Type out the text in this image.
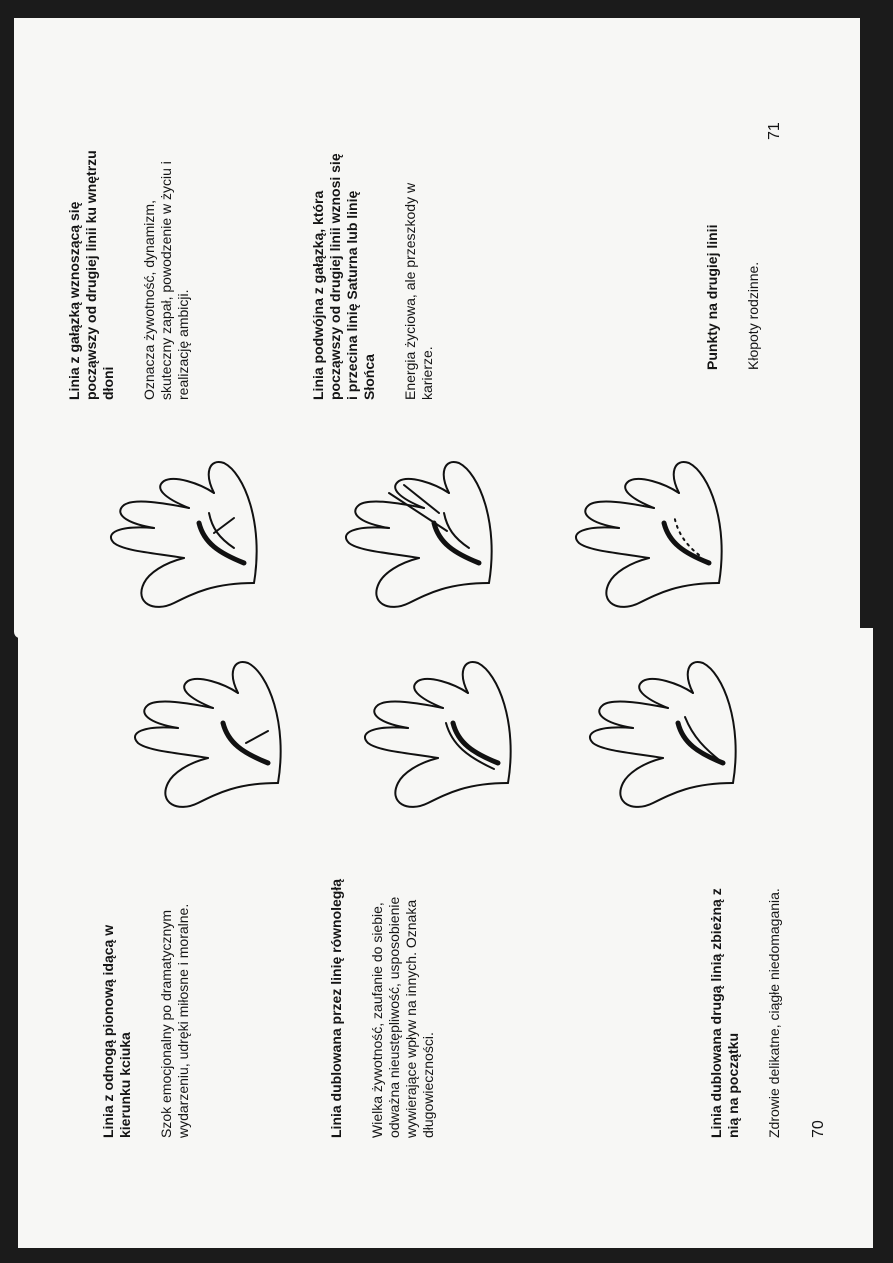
Linia z gałązką wznoszącą się począwszy od drugiej linii ku wnętrzu dłoni Oznacza żywotność, dynamizm, skuteczny zapał, powodzenie w życiu i realizację ambicji.	Linia podwójna z gałązką, która począwszy od drugiej linii wznosi się i przecina linię Saturna lub linię Słońca Energia życiowa, ale przeszkody w karierze.

Punkty na drugiej linii Kłopoty rodzinne.

71

Linia z odnogą pionową idącą w kierunku kciuka Szok emocjonalny po dramatycznym wydarzeniu, udręki miłosne i moralne.	Linia dublowana przez linię równoległą Wielka żywotność, zaufanie do siebie, odważna nieustępliwość, usposobienie wywierające wpływ na innych. Oznaka długowieczności.	Linia dublowana drugą linią zbieżną z nią na początku Zdrowie delikatne, ciągłe niedomagania. 70
